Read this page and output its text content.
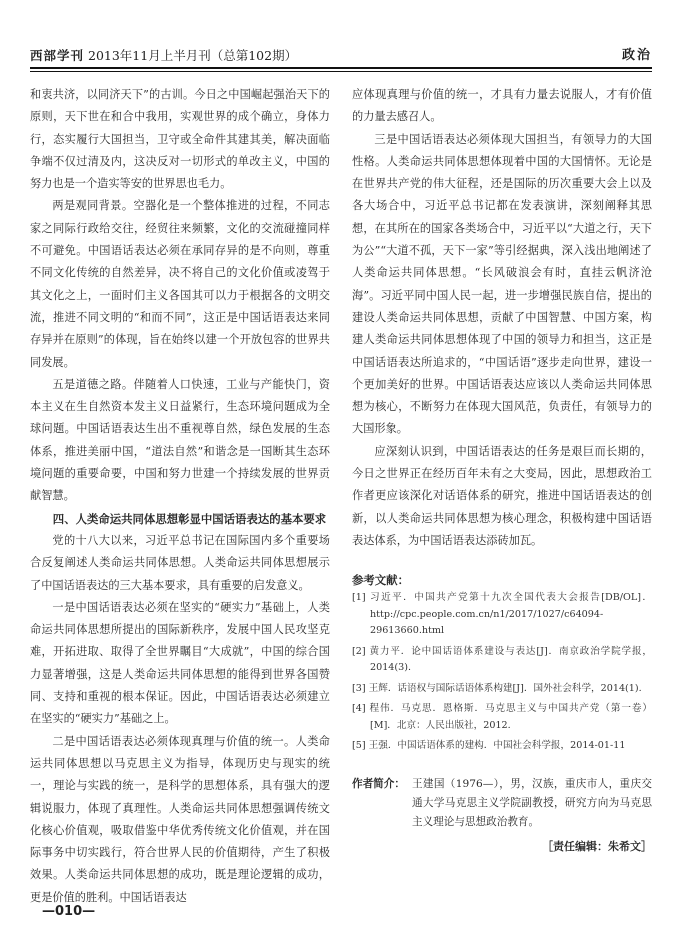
西部学刊 2013年11月上半月刊（总第102期）	政治

和衷共济，以同济天下”的古训。今日之中国崛起强治天下的原则，天下世在和合中我用，实观世界的成个确立，身体力行，态实履行大国担当，卫守或全命件其建其美，解决面临争端不仅过清及内，这决反对一切形式的单改主义，中国的努力也是一个造实等安的世界思也毛力。

两是观同背景。空器化是一个整体推进的过程，不同志家之同际行政给交往，经贸往来频繁，文化的交流碰撞同样不可避免。中国语话表达必须在承同存异的是不向则，尊重不同文化传统的自然差异，决不将自己的文化价值或凌驾于其文化之上，一面时们主义各国其可以力于根据各的文明交流，推进不同文明的“和而不同”，这正是中国话语表达来同存异并在原则”的体现，旨在始终以建一个开放包容的世界共同发展。

五是道德之路。伴随着人口快速，工业与产能快门，资本主义在生自然资本发主义日益紧行，生态环境问题成为全球问题。中国话语表达生出不重视尊自然，绿色发展的生态体系，推进美丽中国，“道法自然”和谐念是一国断其生态环境问题的重要命要，中国和努力世建一个持续发展的世界贡献智慧。

四、人类命运共同体思想彰显中国话语表达的基本要求

党的十八大以来，习近平总书记在国际国内多个重要场合反复阐述人类命运共同体思想。人类命运共同体思想展示了中国话语表达的三大基本要求，具有重要的启发意义。

一是中国话语表达必须在坚实的“硬实力”基础上，人类命运共同体思想所提出的国际新秩序，发展中国人民攻坚克难，开拓进取、取得了全世界瞩目“大成就”，中国的综合国力显著增强，这是人类命运共同体思想的能得到世界各国赞同、支持和重视的根本保证。因此，中国话语表达必须建立在坚实的“硬实力”基础之上。

二是中国话语表达必须体现真理与价值的统一。人类命运共同体思想以马克思主义为指导，体现历史与现实的统一，理论与实践的统一，是科学的思想体系，具有强大的逻辑说服力，体现了真理性。人类命运共同体思想强调传统文化核心价值观，吸取借鉴中华优秀传统文化价值观，并在国际事务中切实践行，符合世界人民的价值期待，产生了积极效果。人类命运共同体思想的成功，既是理论逻辑的成功，更是价值的胜利。中国话语表达

应体现真理与价值的统一，才具有力量去说服人，才有价值的力量去感召人。

三是中国话语表达必须体现大国担当，有领导力的大国性格。人类命运共同体思想体现着中国的大国情怀。无论是在世界共产党的伟大征程，还是国际的历次重要大会上以及各大场合中，习近平总书记都在发表演讲，深刻阐释其思想，在其所在的国家各类场合中，习近平以“大道之行，天下为公”“大道不孤，天下一家”等引经据典，深入浅出地阐述了人类命运共同体思想。“长风破浪会有时，直挂云帆济沧海”。习近平同中国人民一起，进一步增强民族自信，提出的建设人类命运共同体思想，贡献了中国智慧、中国方案，构建人类命运共同体思想体现了中国的领导力和担当，这正是中国话语表达所追求的，“中国话语”逐步走向世界，建设一个更加美好的世界。中国话语表达应该以人类命运共同体思想为核心，不断努力在体现大国风范，负责任，有领导力的大国形象。

应深刻认识到，中国话语表达的任务是艰巨而长期的，今日之世界正在经历百年未有之大变局，因此，思想政治工作者更应该深化对话语体系的研究，推进中国话语表达的创新，以人类命运共同体思想为核心理念，积极构建中国话语表达体系，为中国话语表达添砖加瓦。

参考文献：

[1] 习近平．中国共产党第十九次全国代表大会报告[DB/OL]．http://cpc.people.com.cn/n1/2017/1027/c64094-29613660.html

[2] 黄力平．论中国话语体系建设与表达[J]．南京政治学院学报，2014(3).

[3] 王辉．话语权与国际话语体系构建[J]．国外社会科学，2014(1).

[4] 程伟．马克思．恩格斯．马克思主义与中国共产党（第一卷）[M]．北京：人民出版社，2012.

[5] 王强．中国话语体系的建构．中国社会科学报，2014-01-11

作者简介： 王建国（1976—），男，汉族，重庆市人，重庆交通大学马克思主义学院副教授，研究方向为马克思主义理论与思想政治教育。
［责任编辑：朱希文］
—010—
